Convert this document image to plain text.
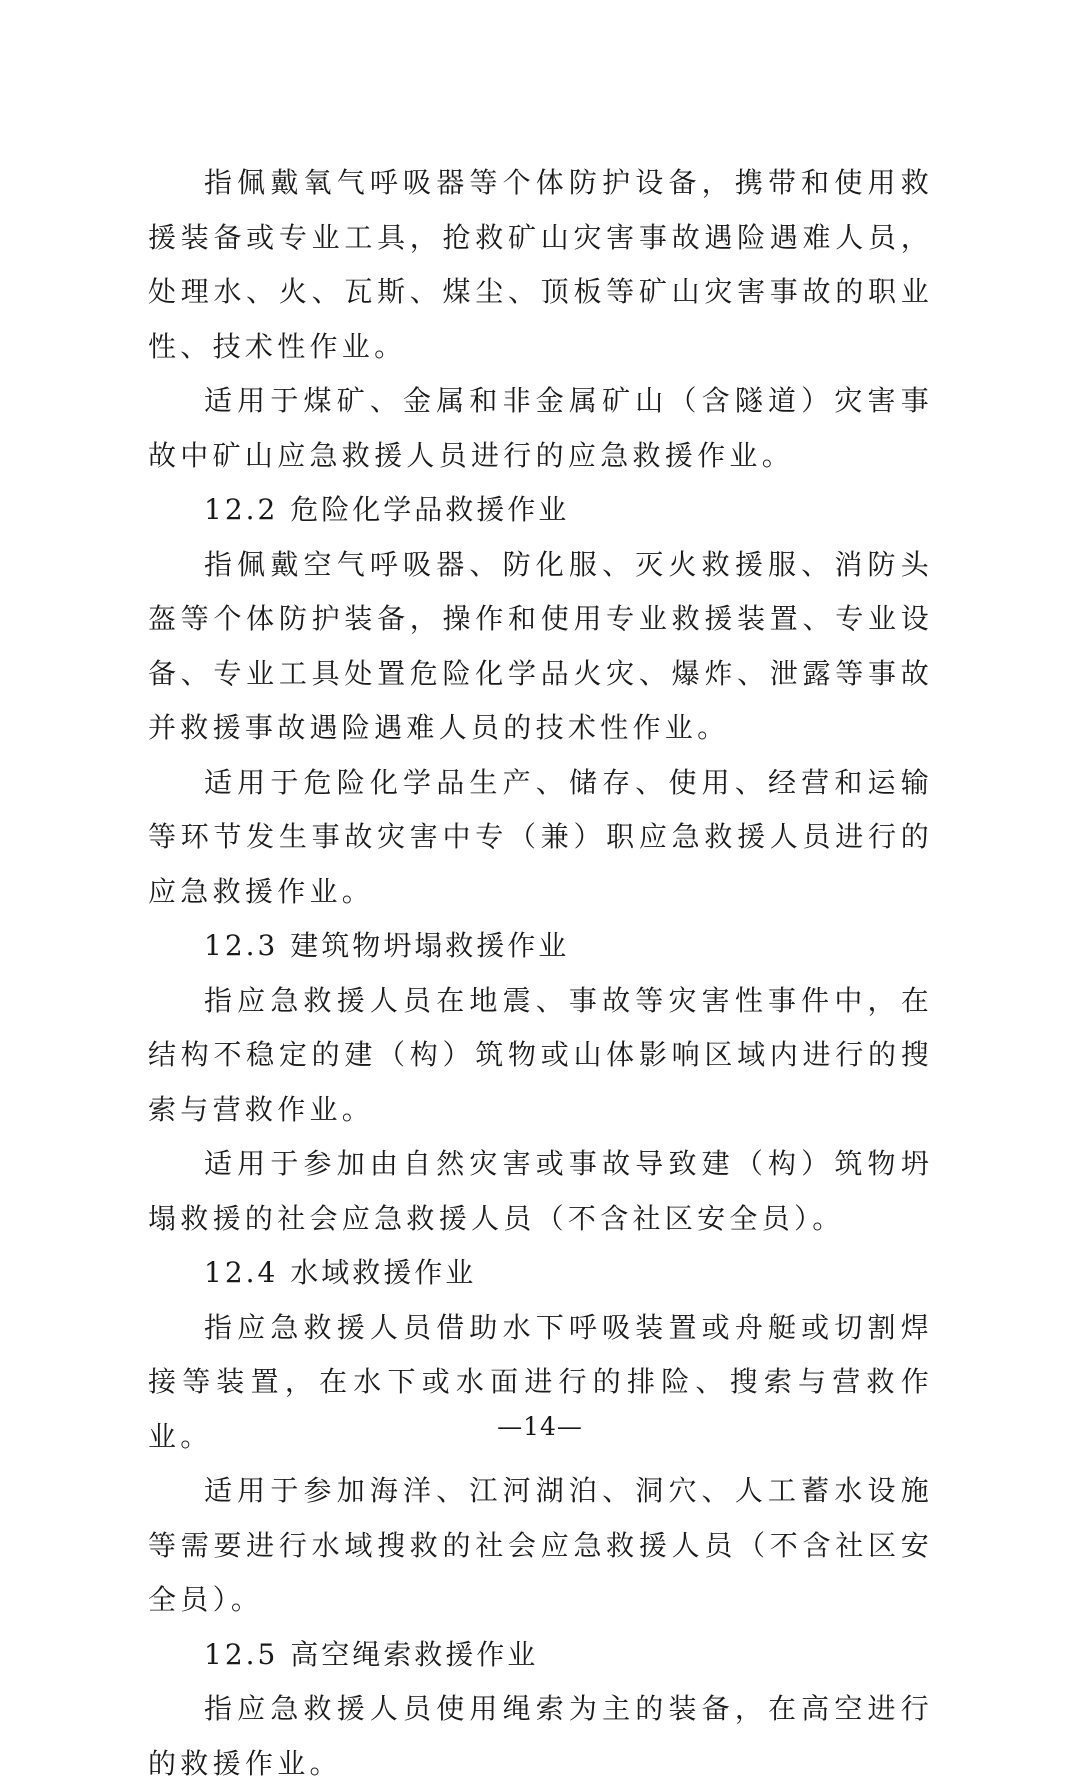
指佩戴氧气呼吸器等个体防护设备，携带和使用救援装备或专业工具，抢救矿山灾害事故遇险遇难人员，处理水、火、瓦斯、煤尘、顶板等矿山灾害事故的职业性、技术性作业。

适用于煤矿、金属和非金属矿山（含隧道）灾害事故中矿山应急救援人员进行的应急救援作业。

12.2 危险化学品救援作业

指佩戴空气呼吸器、防化服、灭火救援服、消防头盔等个体防护装备，操作和使用专业救援装置、专业设备、专业工具处置危险化学品火灾、爆炸、泄露等事故并救援事故遇险遇难人员的技术性作业。

适用于危险化学品生产、储存、使用、经营和运输等环节发生事故灾害中专（兼）职应急救援人员进行的应急救援作业。

12.3 建筑物坍塌救援作业

指应急救援人员在地震、事故等灾害性事件中，在结构不稳定的建（构）筑物或山体影响区域内进行的搜索与营救作业。

适用于参加由自然灾害或事故导致建（构）筑物坍塌救援的社会应急救援人员（不含社区安全员）。

12.4 水域救援作业

指应急救援人员借助水下呼吸装置或舟艇或切割焊接等装置，在水下或水面进行的排险、搜索与营救作业。

适用于参加海洋、江河湖泊、洞穴、人工蓄水设施等需要进行水域搜救的社会应急救援人员（不含社区安全员）。

12.5 高空绳索救援作业

指应急救援人员使用绳索为主的装备，在高空进行的救援作业。

—14—
